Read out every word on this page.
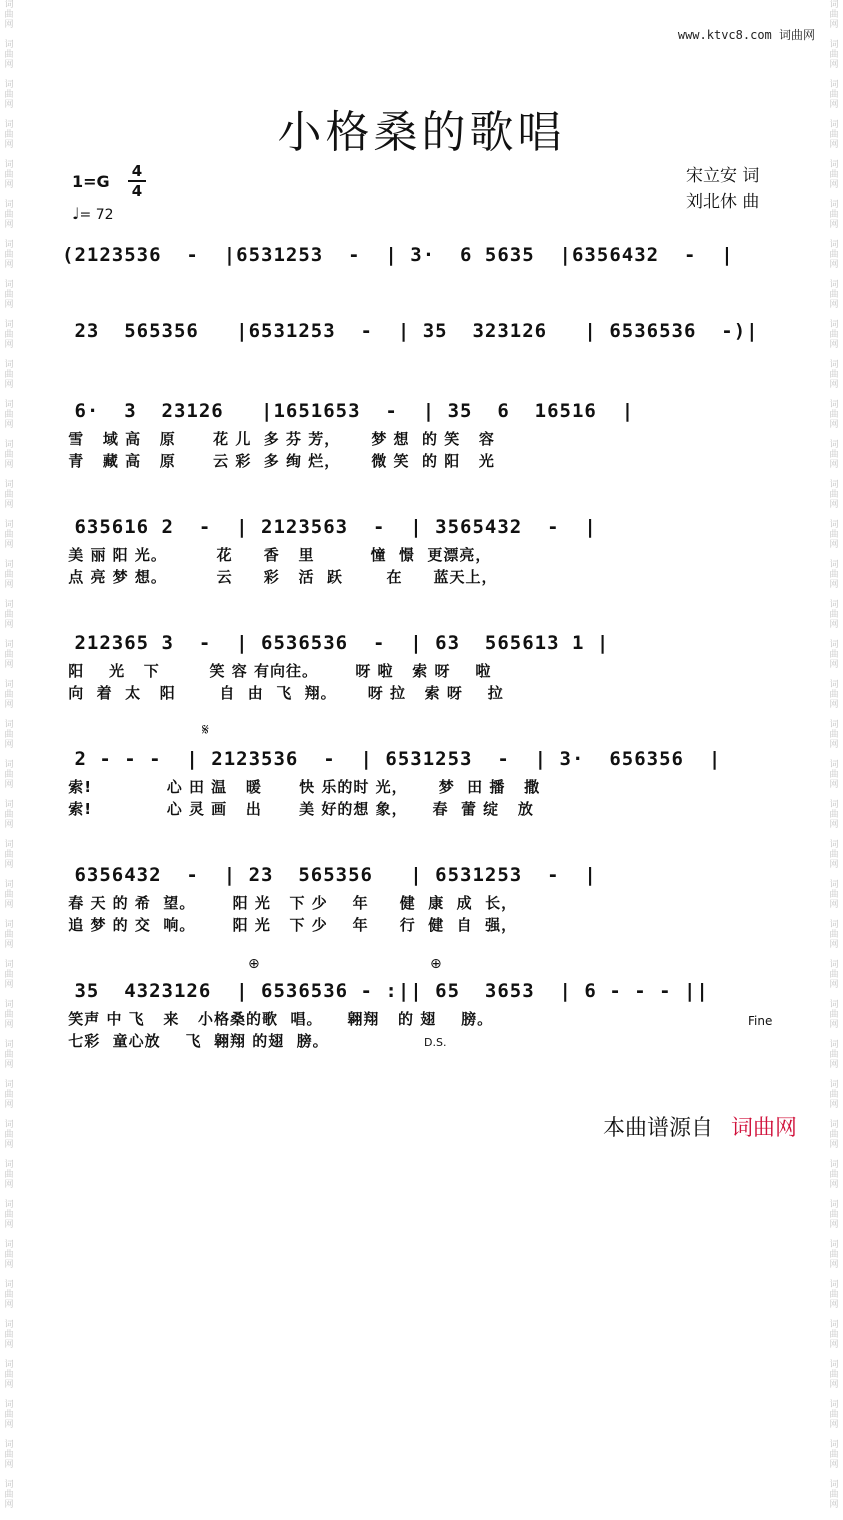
词
曲
网

词
曲
网

词
曲
网

词
曲
网

词
曲
网

词
曲
网

词
曲
网

词
曲
网

词
曲
网

词
曲
网

词
曲
网

词
曲
网

词
曲
网

词
曲
网

词
曲
网

词
曲
网

词
曲
网

词
曲
网

词
曲
网

词
曲
网

词
曲
网

词
曲
网

词
曲
网

词
曲
网

词
曲
网

词
曲
网

词
曲
网

词
曲
网

词
曲
网

词
曲
网

词
曲
网

词
曲
网

词
曲
网

词
曲
网

词
曲
网

词
曲
网

词
曲
网

词
曲
网

词
曲
网

词
曲
网

词
曲
网

词
曲
网

词
曲
网

词
曲
网

词
曲
网

词
曲
网

词
曲
网

词
曲
网

词
曲
网

词
曲
网

词
曲
网

词
曲
网

词
曲
网

词
曲
网

词
曲
网

词
曲
网

词
曲
网

词
曲
网

词
曲
网

词
曲
网

词
曲
网

词
曲
网

词
曲
网

词
曲
网

词
曲
网

词
曲
网

词
曲
网

词
曲
网

词
曲
网

词
曲
网

词
曲
网

词
曲
网

词
曲
网

词
曲
网

词
曲
网

词
曲
网

www.ktvc8.com 词曲网
小格桑的歌唱
1=G
4
4
♩= 72
宋立安 词
刘北休 曲
(2123536  -  |6531253  -  | 3·  6 5635  |6356432  -  |
23  565356   |6531253  -  | 35  323126   | 6536536  -)|
6·  3  23126   |1651653  -  | 35  6  16516  |
雪   域 高   原      花 儿  多 芬 芳，     梦 想  的 笑   容
青   藏 高   原      云 彩  多 绚 烂，     微 笑  的 阳   光
635616 2  -  | 2123563  -  | 3565432  -  |
美 丽 阳 光。        花     香   里         憧  憬  更漂亮，
点 亮 梦 想。        云     彩   活  跃       在     蓝天上，
212365 3  -  | 6536536  -  | 63  565613 1 |
阳    光   下        笑 容 有向往。      呀 啦   索 呀    啦
向  着  太   阳       自  由  飞  翔。     呀 拉   索 呀    拉
2 - - -  | 2123536  -  | 6531253  -  | 3·  656356  |
索!            心 田 温   暖      快 乐的时 光，     梦  田 播   撒
索!            心 灵 画   出      美 好的想 象，    春  蕾 绽   放
𝄋
6356432  -  | 23  565356   | 6531253  -  |
春 天 的 希  望。      阳 光   下 少    年     健  康  成  长，
追 梦 的 交  响。      阳 光   下 少    年     行  健  自  强，
35  4323126  | 6536536 - :|| 65  3653  | 6 - - - ||
笑声 中 飞   来   小格桑的歌  唱。    翱翔   的 翅    膀。
七彩  童心放    飞  翱翔 的翅  膀。
⊕	⊕
Fine
D.S.
本曲谱源自 词曲网
